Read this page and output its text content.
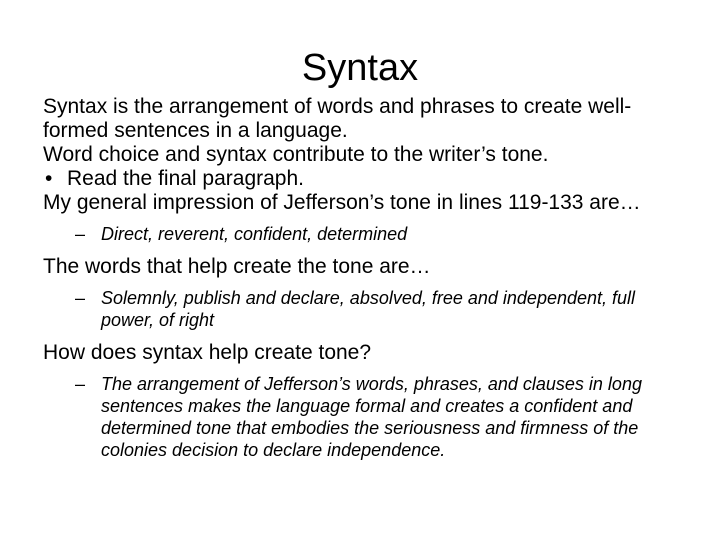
Syntax

Syntax is the arrangement of words and phrases to create well-formed sentences in a language.

Word choice and syntax contribute to the writer’s tone.

• Read the final paragraph.

My general impression of Jefferson’s tone in lines 119-133 are…

– Direct, reverent, confident, determined

The words that help create the tone are…

– Solemnly, publish and declare, absolved, free and independent, full power, of right

How does syntax help create tone?

– The arrangement of Jefferson’s words, phrases, and clauses in long sentences makes the language formal and creates a confident and determined tone that embodies the seriousness and firmness of the colonies decision to declare independence.
